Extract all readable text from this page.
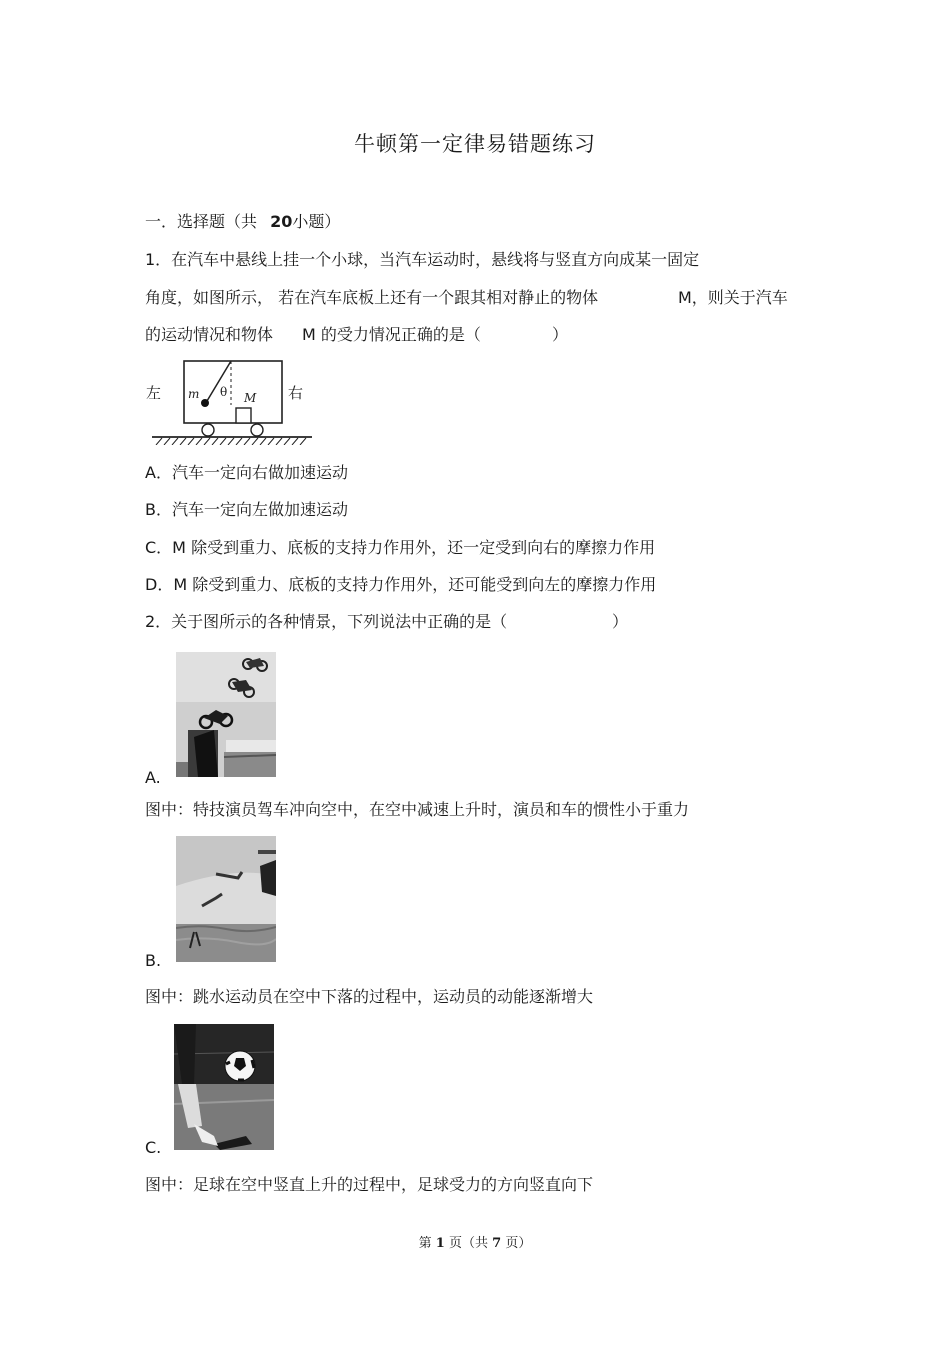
牛顿第一定律易错题练习
一．选择题（共 20小题）
1．在汽车中悬线上挂一个小球，当汽车运动时，悬线将与竖直方向成某一固定
角度，如图所示， 若在汽车底板上还有一个跟其相对静止的物体	M，则关于汽车
的运动情况和物体 M 的受力情况正确的是（	）
左	右
m θ M
A．汽车一定向右做加速运动
B．汽车一定向左做加速运动
C．M 除受到重力、底板的支持力作用外，还一定受到向右的摩擦力作用
D．M 除受到重力、底板的支持力作用外，还可能受到向左的摩擦力作用
2．关于图所示的各种情景，下列说法中正确的是（	）
A.
图中：特技演员驾车冲向空中，在空中减速上升时，演员和车的惯性小于重力
B.
图中：跳水运动员在空中下落的过程中，运动员的动能逐渐增大
C.
图中：足球在空中竖直上升的过程中，足球受力的方向竖直向下
第 1 页（共 7 页）
